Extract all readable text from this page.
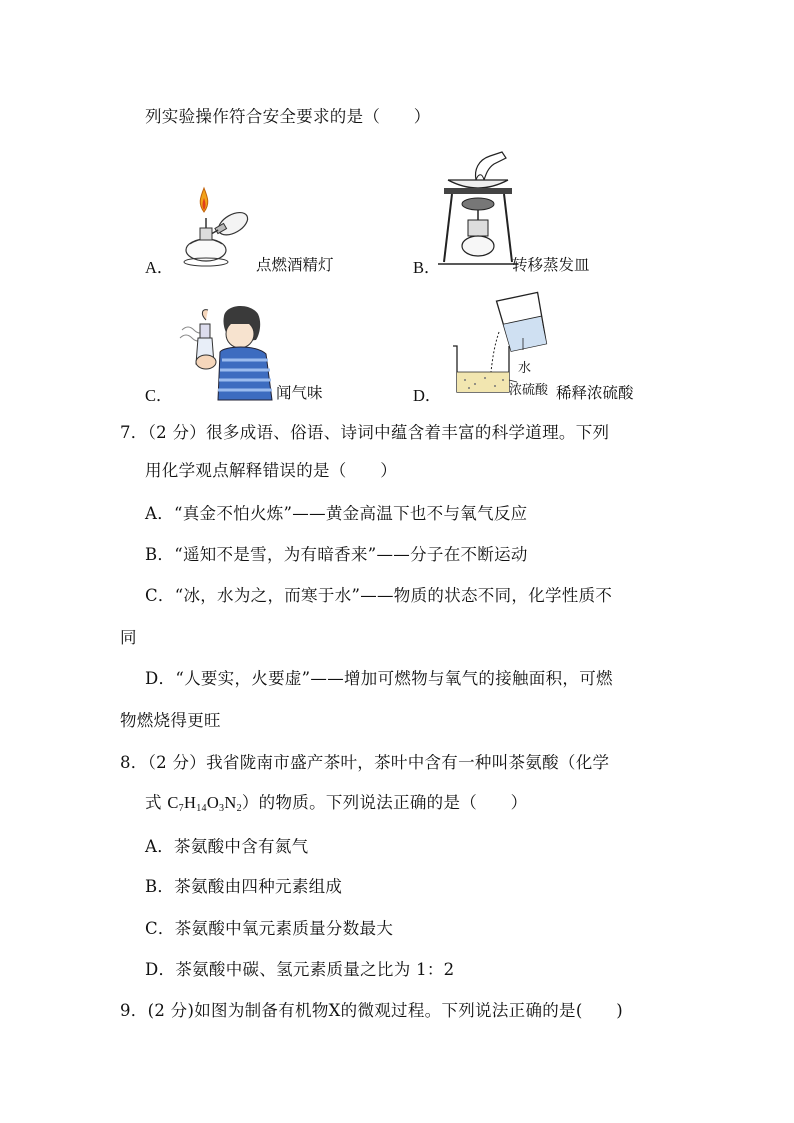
列实验操作符合安全要求的是（　　）
A．	点燃酒精灯	B．	转移蒸发皿
C．	闻气味	D．
水
浓硫酸 稀释浓硫酸
7．（2 分）很多成语、俗语、诗词中蕴含着丰富的科学道理。下列
用化学观点解释错误的是（　　）
A．“真金不怕火炼”——黄金高温下也不与氧气反应
B．“遥知不是雪，为有暗香来”——分子在不断运动
C．“冰，水为之，而寒于水”——物质的状态不同，化学性质不
同
D．“人要实，火要虚”——增加可燃物与氧气的接触面积，可燃
物燃烧得更旺
8．（2 分）我省陇南市盛产茶叶，茶叶中含有一种叫茶氨酸（化学
式 $C_7H_{14}O_3N_2$）的物质。下列说法正确的是（　　）
A．茶氨酸中含有氮气
B．茶氨酸由四种元素组成
C．茶氨酸中氧元素质量分数最大
D．茶氨酸中碳、氢元素质量之比为 1：2
9．(2 分)如图为制备有机物X的微观过程。下列说法正确的是(　　)
